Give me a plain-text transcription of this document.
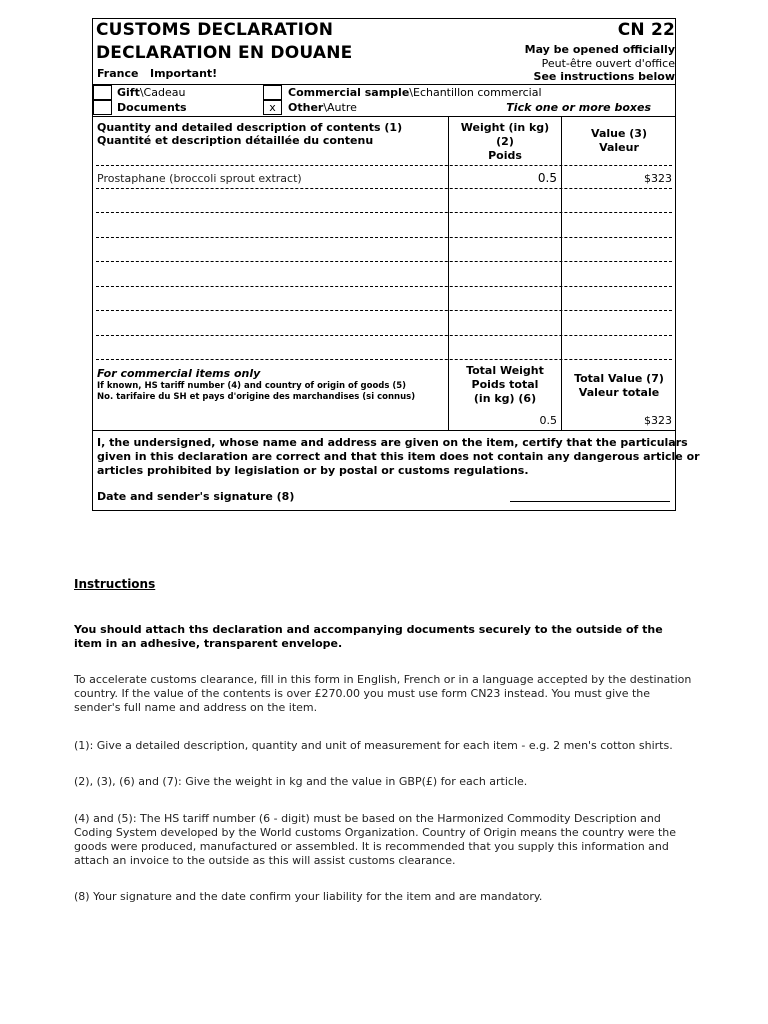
CUSTOMS DECLARATION
DECLARATION EN DOUANE
France Important!
CN 22
May be opened officially
Peut-être ouvert d'office
See instructions below
Gift\Cadeau
Documents
Commercial sample\Echantillon commercial
x	Other\Autre	Tick one or more boxes
Quantity and detailed description of contents (1)
Quantité et description détaillée du contenu
Weight (in kg)
(2)
Poids
Value (3)
Valeur
Prostaphane (broccoli sprout extract)	0.5	$323
For commercial items only
If known, HS tariff number (4) and country of origin of goods (5)
No. tarifaire du SH et pays d'origine des marchandises (si connus)
Total Weight
Poids total
(in kg) (6)
Total Value (7)
Valeur totale
0.5	$323
I, the undersigned, whose name and address are given on the item, certify that the particulars
given in this declaration are correct and that this item does not contain any dangerous article or
articles prohibited by legislation or by postal or customs regulations.
Date and sender's signature (8)
Instructions
You should attach ths declaration and accompanying documents securely to the outside of the item in an adhesive, transparent envelope.
To accelerate customs clearance, fill in this form in English, French or in a language accepted by the destination country. If the value of the contents is over £270.00 you must use form CN23 instead. You must give the sender's full name and address on the item.
(1): Give a detailed description, quantity and unit of measurement for each item - e.g. 2 men's cotton shirts.
(2), (3), (6) and (7): Give the weight in kg and the value in GBP(£) for each article.
(4) and (5): The HS tariff number (6 - digit) must be based on the Harmonized Commodity Description and Coding System developed by the World customs Organization. Country of Origin means the country were the goods were produced, manufactured or assembled. It is recommended that you supply this information and attach an invoice to the outside as this will assist customs clearance.
(8) Your signature and the date confirm your liability for the item and are mandatory.
